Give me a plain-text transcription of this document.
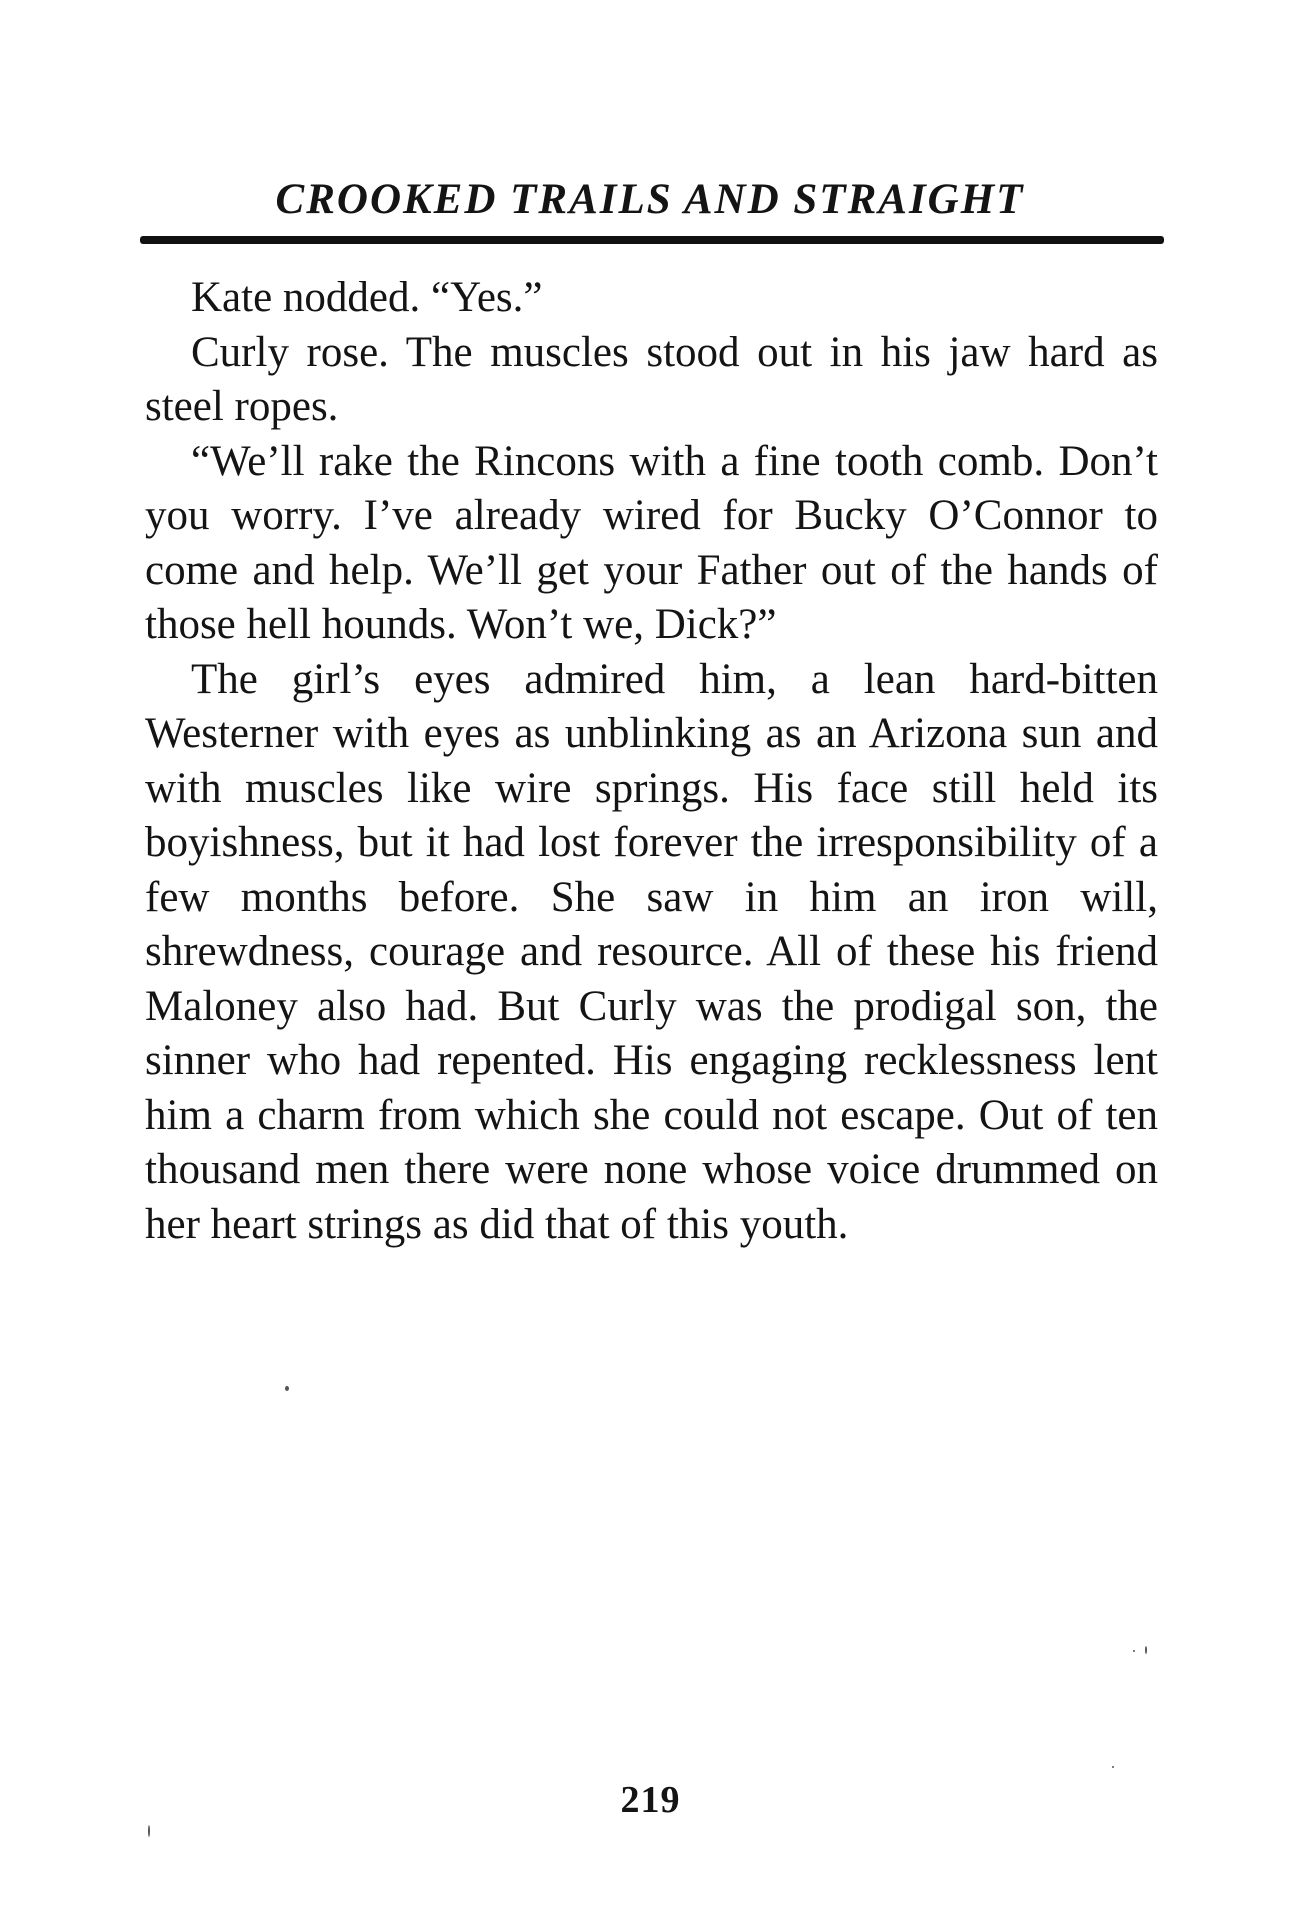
CROOKED TRAILS AND STRAIGHT

Kate nodded. “Yes.”

Curly rose. The muscles stood out in his jaw hard as steel ropes.

“We’ll rake the Rincons with a fine tooth comb. Don’t you worry. I’ve already wired for Bucky O’Connor to come and help. We’ll get your Father out of the hands of those hell hounds. Won’t we, Dick?”

The girl’s eyes admired him, a lean hard-bitten Westerner with eyes as unblinking as an Arizona sun and with muscles like wire springs. His face still held its boyishness, but it had lost forever the irresponsibility of a few months before. She saw in him an iron will, shrewdness, courage and resource. All of these his friend Maloney also had. But Curly was the prodigal son, the sinner who had repented. His engaging recklessness lent him a charm from which she could not escape. Out of ten thousand men there were none whose voice drummed on her heart strings as did that of this youth.

219
